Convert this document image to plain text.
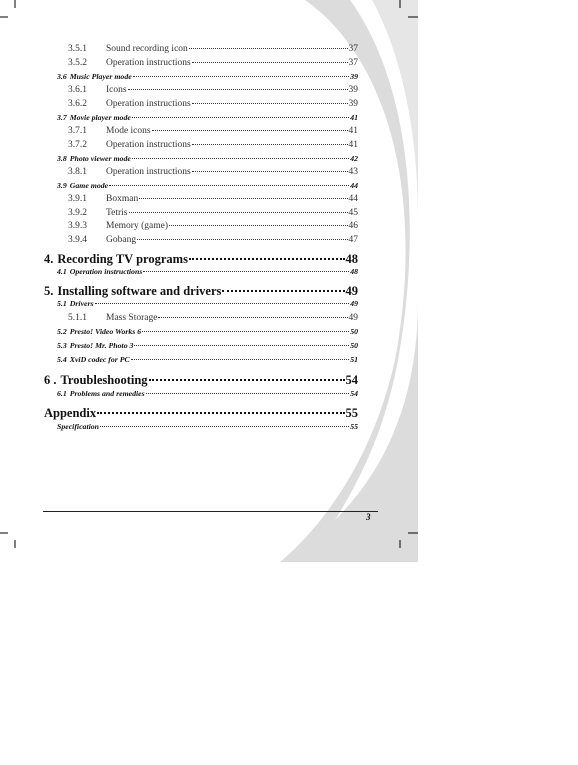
3.5.1	Sound recording icon	37
3.5.2	Operation instructions	37
3.6 Music Player mode	39
3.6.1	Icons	39
3.6.2	Operation instructions	39
3.7 Movie player mode	41
3.7.1	Mode icons	41
3.7.2	Operation instructions	41
3.8 Photo viewer mode	42
3.8.1	Operation instructions	43
3.9 Game mode	44
3.9.1	Boxman	44
3.9.2	Tetris	45
3.9.3	Memory (game)	46
3.9.4	Gobang	47
4. Recording TV programs	48
4.1 Operation instructions	48
5. Installing software and drivers	49
5.1 Drivers	49
5.1.1	Mass Storage	49
5.2 Presto! Video Works 6	50
5.3 Presto! Mr. Photo 3	50
5.4 XviD codec for PC	51
6 . Troubleshooting	54
6.1 Problems and remedies	54
Appendix	55
Specification	55
3
